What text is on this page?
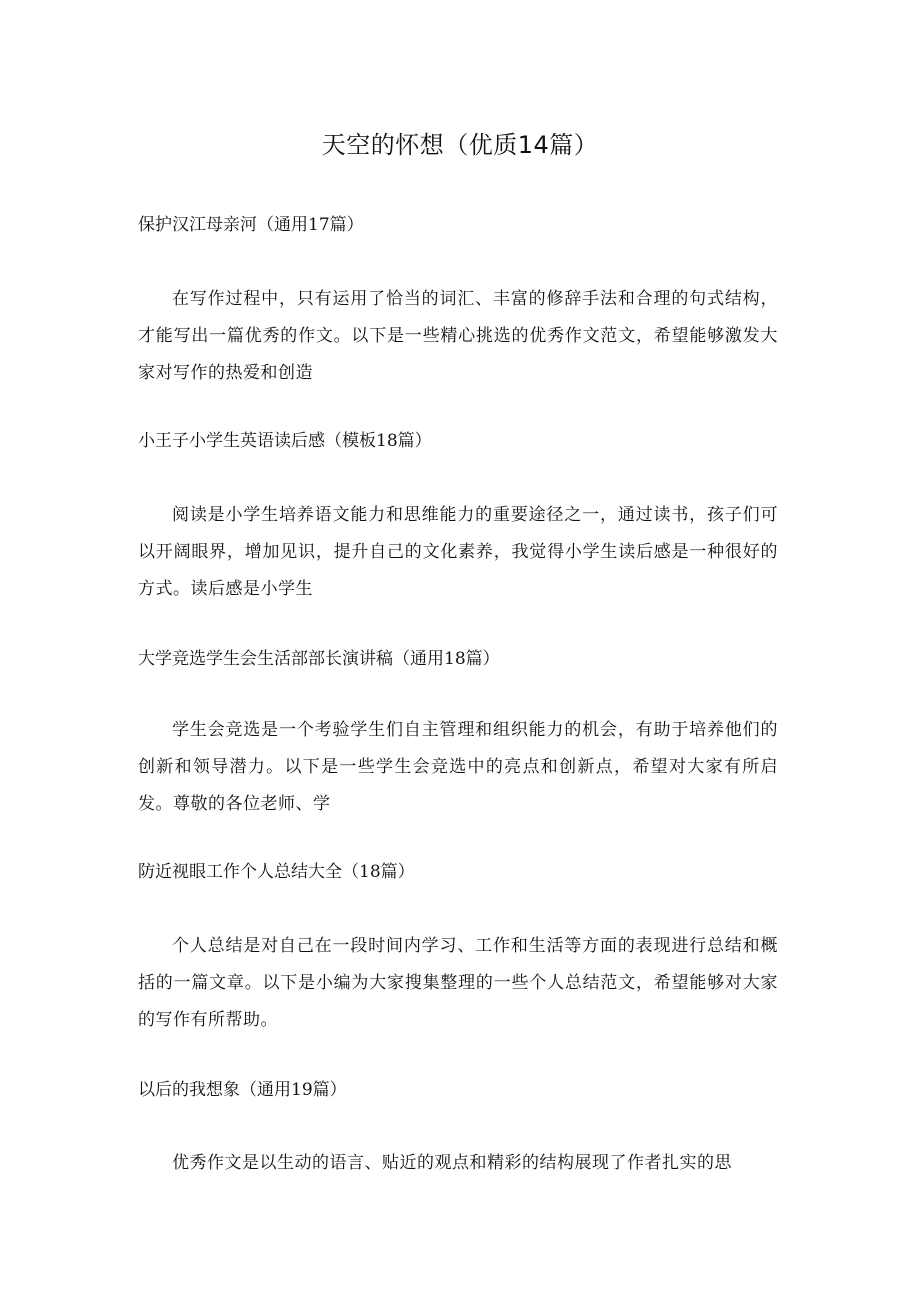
天空的怀想（优质14篇）

保护汉江母亲河（通用17篇）

在写作过程中，只有运用了恰当的词汇、丰富的修辞手法和合理的句式结构，才能写出一篇优秀的作文。以下是一些精心挑选的优秀作文范文，希望能够激发大家对写作的热爱和创造

小王子小学生英语读后感（模板18篇）

阅读是小学生培养语文能力和思维能力的重要途径之一，通过读书，孩子们可以开阔眼界，增加见识，提升自己的文化素养，我觉得小学生读后感是一种很好的方式。读后感是小学生

大学竞选学生会生活部部长演讲稿（通用18篇）

学生会竞选是一个考验学生们自主管理和组织能力的机会，有助于培养他们的创新和领导潜力。以下是一些学生会竞选中的亮点和创新点，希望对大家有所启发。尊敬的各位老师、学

防近视眼工作个人总结大全（18篇）

个人总结是对自己在一段时间内学习、工作和生活等方面的表现进行总结和概括的一篇文章。以下是小编为大家搜集整理的一些个人总结范文，希望能够对大家的写作有所帮助。

以后的我想象（通用19篇）

优秀作文是以生动的语言、贴近的观点和精彩的结构展现了作者扎实的思
